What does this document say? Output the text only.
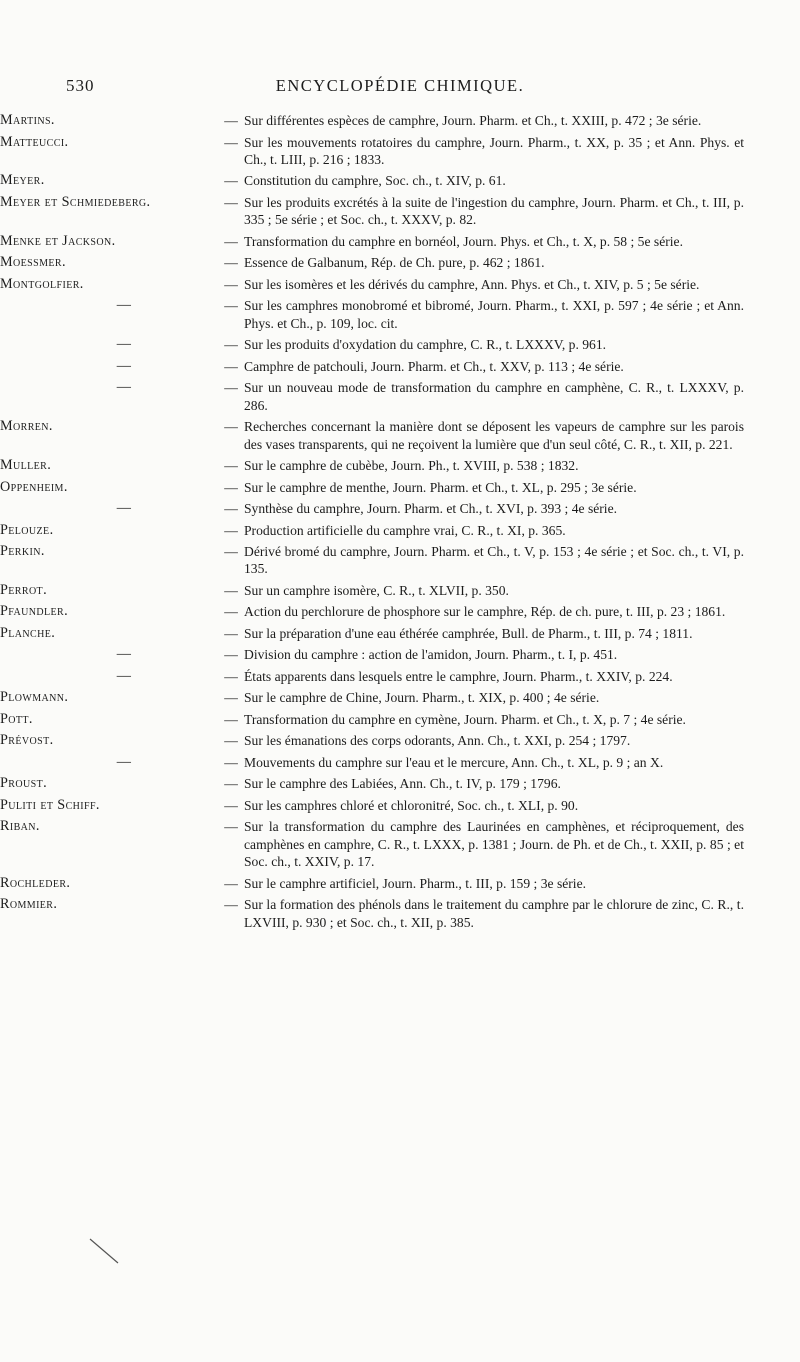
530	ENCYCLOPÉDIE CHIMIQUE.
Martins.	— Sur différentes espèces de camphre, Journ. Pharm. et Ch., t. XXIII, p. 472 ; 3e série.
Matteucci.	— Sur les mouvements rotatoires du camphre, Journ. Pharm., t. XX, p. 35 ; et Ann. Phys. et Ch., t. LIII, p. 216 ; 1833.
Meyer.	— Constitution du camphre, Soc. ch., t. XIV, p. 61.
Meyer et Schmiedeberg.	— Sur les produits excrétés à la suite de l'ingestion du camphre, Journ. Pharm. et Ch., t. III, p. 335 ; 5e série ; et Soc. ch., t. XXXV, p. 82.
Menke et Jackson.	— Transformation du camphre en bornéol, Journ. Phys. et Ch., t. X, p. 58 ; 5e série.
Moessmer.	— Essence de Galbanum, Rép. de Ch. pure, p. 462 ; 1861.
Montgolfier.	— Sur les isomères et les dérivés du camphre, Ann. Phys. et Ch., t. XIV, p. 5 ; 5e série.
—	— Sur les camphres monobromé et bibromé, Journ. Pharm., t. XXI, p. 597 ; 4e série ; et Ann. Phys. et Ch., p. 109, loc. cit.
—	— Sur les produits d'oxydation du camphre, C. R., t. LXXXV, p. 961.
—	— Camphre de patchouli, Journ. Pharm. et Ch., t. XXV, p. 113 ; 4e série.
—	— Sur un nouveau mode de transformation du camphre en camphène, C. R., t. LXXXV, p. 286.
Morren.	— Recherches concernant la manière dont se déposent les vapeurs de camphre sur les parois des vases transparents, qui ne reçoivent la lumière que d'un seul côté, C. R., t. XII, p. 221.
Muller.	— Sur le camphre de cubèbe, Journ. Ph., t. XVIII, p. 538 ; 1832.
Oppenheim.	— Sur le camphre de menthe, Journ. Pharm. et Ch., t. XL, p. 295 ; 3e série.
—	— Synthèse du camphre, Journ. Pharm. et Ch., t. XVI, p. 393 ; 4e série.
Pelouze.	— Production artificielle du camphre vrai, C. R., t. XI, p. 365.
Perkin.	— Dérivé bromé du camphre, Journ. Pharm. et Ch., t. V, p. 153 ; 4e série ; et Soc. ch., t. VI, p. 135.
Perrot.	— Sur un camphre isomère, C. R., t. XLVII, p. 350.
Pfaundler.	— Action du perchlorure de phosphore sur le camphre, Rép. de ch. pure, t. III, p. 23 ; 1861.
Planche.	— Sur la préparation d'une eau éthérée camphrée, Bull. de Pharm., t. III, p. 74 ; 1811.
—	— Division du camphre : action de l'amidon, Journ. Pharm., t. I, p. 451.
—	— États apparents dans lesquels entre le camphre, Journ. Pharm., t. XXIV, p. 224.
Plowmann.	— Sur le camphre de Chine, Journ. Pharm., t. XIX, p. 400 ; 4e série.
Pott.	— Transformation du camphre en cymène, Journ. Pharm. et Ch., t. X, p. 7 ; 4e série.
Prévost.	— Sur les émanations des corps odorants, Ann. Ch., t. XXI, p. 254 ; 1797.
—	— Mouvements du camphre sur l'eau et le mercure, Ann. Ch., t. XL, p. 9 ; an X.
Proust.	— Sur le camphre des Labiées, Ann. Ch., t. IV, p. 179 ; 1796.
Puliti et Schiff.	— Sur les camphres chloré et chloronitré, Soc. ch., t. XLI, p. 90.
Riban.	— Sur la transformation du camphre des Laurinées en camphènes, et réciproquement, des camphènes en camphre, C. R., t. LXXX, p. 1381 ; Journ. de Ph. et de Ch., t. XXII, p. 85 ; et Soc. ch., t. XXIV, p. 17.
Rochleder.	— Sur le camphre artificiel, Journ. Pharm., t. III, p. 159 ; 3e série.
Rommier.	— Sur la formation des phénols dans le traitement du camphre par le chlorure de zinc, C. R., t. LXVIII, p. 930 ; et Soc. ch., t. XII, p. 385.
